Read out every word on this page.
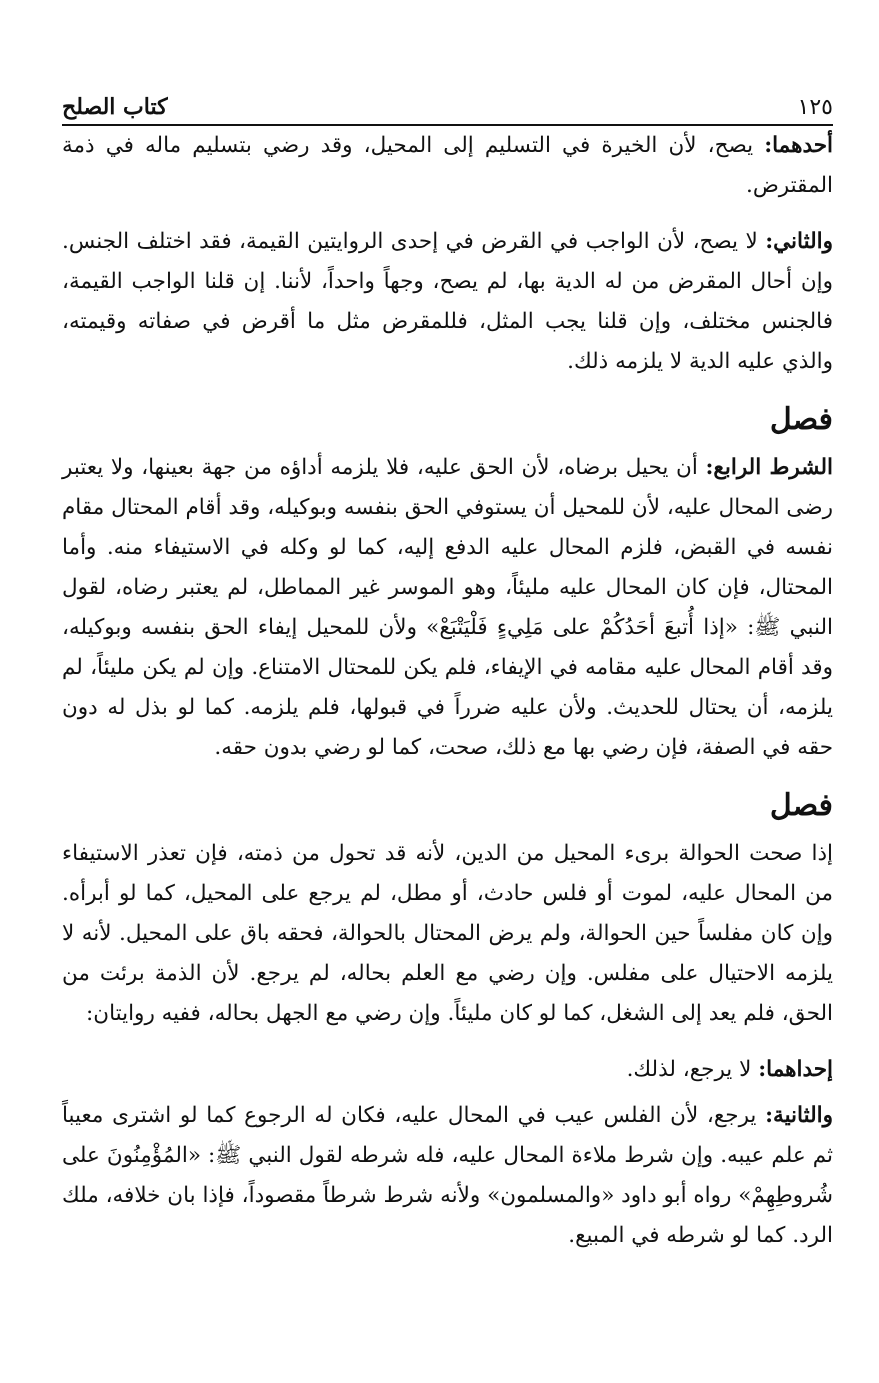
كتاب الصلح	١٢٥

أحدهما: يصح، لأن الخيرة في التسليم إلى المحيل، وقد رضي بتسليم ماله في ذمة المقترض.

والثاني: لا يصح، لأن الواجب في القرض في إحدى الروايتين القيمة، فقد اختلف الجنس. وإن أحال المقرض من له الدية بها، لم يصح، وجهاً واحداً، لأننا. إن قلنا الواجب القيمة، فالجنس مختلف، وإن قلنا يجب المثل، فللمقرض مثل ما أقرض في صفاته وقيمته، والذي عليه الدية لا يلزمه ذلك.

فصل

الشرط الرابع: أن يحيل برضاه، لأن الحق عليه، فلا يلزمه أداؤه من جهة بعينها، ولا يعتبر رضى المحال عليه، لأن للمحيل أن يستوفي الحق بنفسه وبوكيله، وقد أقام المحتال مقام نفسه في القبض، فلزم المحال عليه الدفع إليه، كما لو وكله في الاستيفاء منه. وأما المحتال، فإن كان المحال عليه مليئاً، وهو الموسر غير المماطل، لم يعتبر رضاه، لقول النبي ﷺ: «إذا أُتبعَ أحَدُكُمْ على مَلِيءٍ فَلْيَتْبَعْ» ولأن للمحيل إيفاء الحق بنفسه وبوكيله، وقد أقام المحال عليه مقامه في الإيفاء، فلم يكن للمحتال الامتناع. وإن لم يكن مليئاً، لم يلزمه، أن يحتال للحديث. ولأن عليه ضرراً في قبولها، فلم يلزمه. كما لو بذل له دون حقه في الصفة، فإن رضي بها مع ذلك، صحت، كما لو رضي بدون حقه.

فصل

إذا صحت الحوالة برىء المحيل من الدين، لأنه قد تحول من ذمته، فإن تعذر الاستيفاء من المحال عليه، لموت أو فلس حادث، أو مطل، لم يرجع على المحيل، كما لو أبرأه. وإن كان مفلساً حين الحوالة، ولم يرض المحتال بالحوالة، فحقه باق على المحيل. لأنه لا يلزمه الاحتيال على مفلس. وإن رضي مع العلم بحاله، لم يرجع. لأن الذمة برئت من الحق، فلم يعد إلى الشغل، كما لو كان مليئاً. وإن رضي مع الجهل بحاله، ففيه روايتان:

إحداهما: لا يرجع، لذلك.

والثانية: يرجع، لأن الفلس عيب في المحال عليه، فكان له الرجوع كما لو اشترى معيباً ثم علم عيبه. وإن شرط ملاءة المحال عليه، فله شرطه لقول النبي ﷺ: «المُؤْمِنُونَ على شُروطِهِمْ» رواه أبو داود «والمسلمون» ولأنه شرط شرطاً مقصوداً، فإذا بان خلافه، ملك الرد. كما لو شرطه في المبيع.
